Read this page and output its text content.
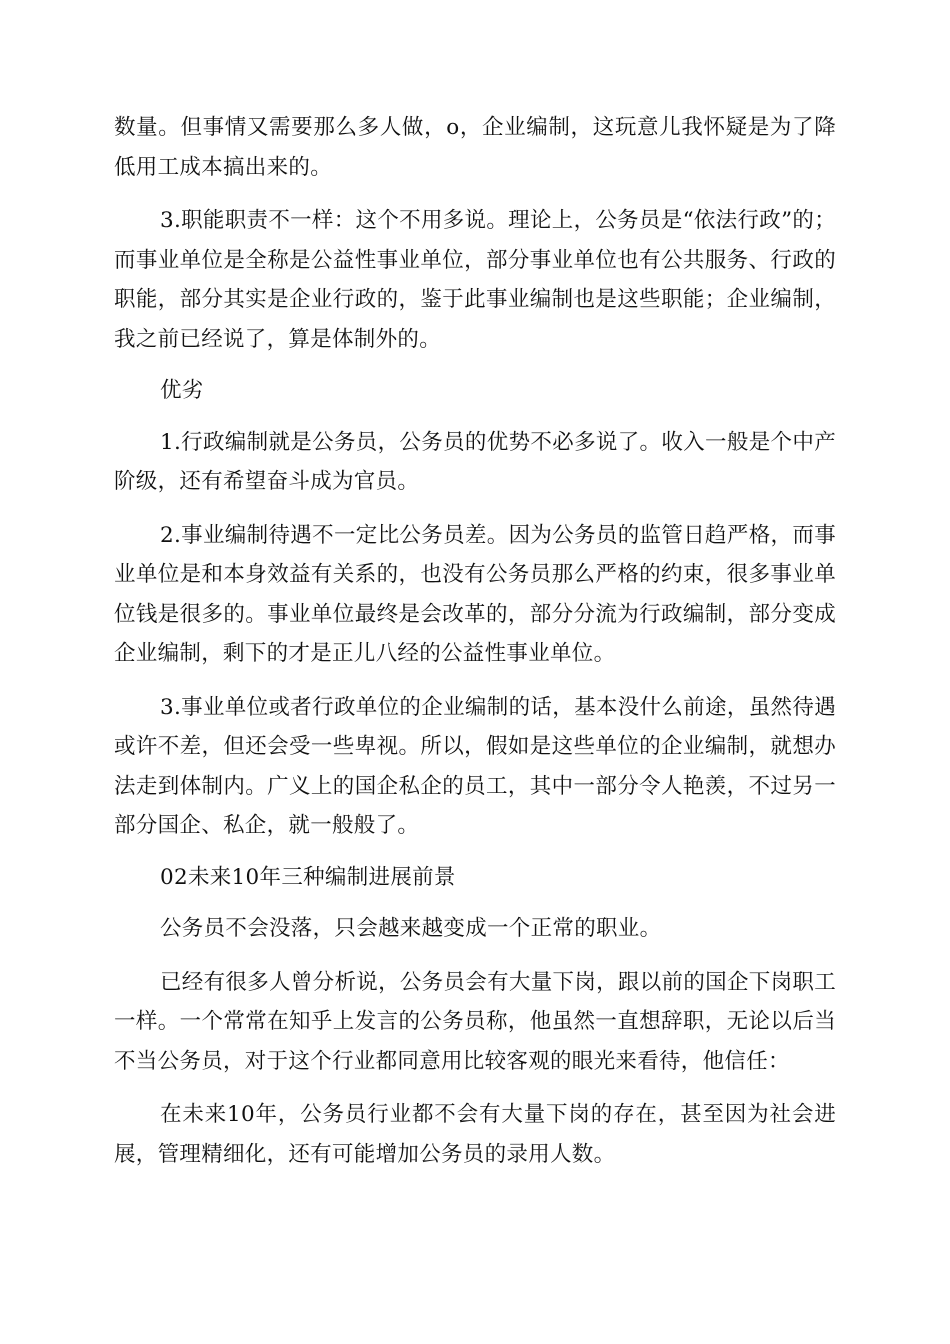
数量。但事情又需要那么多人做，o，企业编制，这玩意儿我怀疑是为了降低用工成本搞出来的。

3.职能职责不一样：这个不用多说。理论上，公务员是“依法行政”的；而事业单位是全称是公益性事业单位，部分事业单位也有公共服务、行政的职能，部分其实是企业行政的，鉴于此事业编制也是这些职能；企业编制，我之前已经说了，算是体制外的。

优劣

1.行政编制就是公务员，公务员的优势不必多说了。收入一般是个中产阶级，还有希望奋斗成为官员。

2.事业编制待遇不一定比公务员差。因为公务员的监管日趋严格，而事业单位是和本身效益有关系的，也没有公务员那么严格的约束，很多事业单位钱是很多的。事业单位最终是会改革的，部分分流为行政编制，部分变成企业编制，剩下的才是正儿八经的公益性事业单位。

3.事业单位或者行政单位的企业编制的话，基本没什么前途，虽然待遇或许不差，但还会受一些卑视。所以，假如是这些单位的企业编制，就想办法走到体制内。广义上的国企私企的员工，其中一部分令人艳羡，不过另一部分国企、私企，就一般般了。

02未来10年三种编制进展前景

公务员不会没落，只会越来越变成一个正常的职业。

已经有很多人曾分析说，公务员会有大量下岗，跟以前的国企下岗职工一样。一个常常在知乎上发言的公务员称，他虽然一直想辞职，无论以后当不当公务员，对于这个行业都同意用比较客观的眼光来看待，他信任：

在未来10年，公务员行业都不会有大量下岗的存在，甚至因为社会进展，管理精细化，还有可能增加公务员的录用人数。
